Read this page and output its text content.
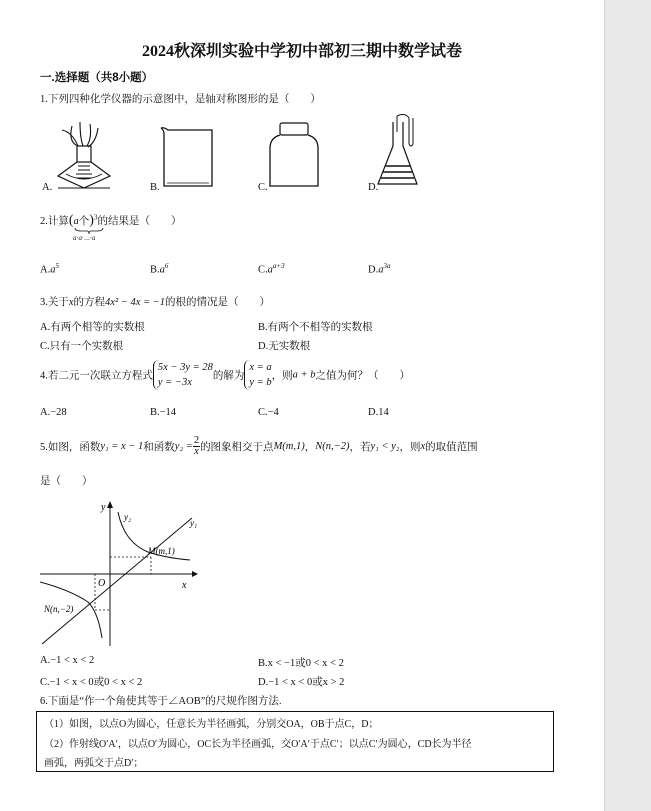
2024秋深圳实验中学初中部初三期中数学试卷
一.选择题（共8小题）
1.下列四种化学仪器的示意图中，是轴对称图形的是（　　）
A.	B.	C.	D.
2.计算(a个)$^3$的结果是（　　）
a·a·…·a
$A.a^5$	$B.a^6$	$C.a^{a+3}$	$D.a^{3a}$
3.关于x的方程4x² − 4x = −1的根的情况是（　　）
A.有两个相等的实数根	B.有两个不相等的实数根
C.只有一个实数根	D.无实数根
4.若二元一次联立方程式
5x − 3y = 28
y = −3x
的解为
x = a
y = b
，则a + b之值为何？（　　）
A.−28	B.−14	C.−4	D.14
5.如图，函数y₁ = x − 1和函数$y_2 = \frac{2}{x}$ 的图象相交于点M(m,1)，N(n,−2)，若y₁ < y₂，则x的取值范围
是（　　）
y
x
O
y₁
y₂
M(m,1)
N(n,−2)
A.−1 < x < 2	B.x < −1或0 < x < 2
C.−1 < x < 0或0 < x < 2	D.−1 < x < 0或x > 2
6.下面是“作一个角使其等于∠AOB”的尺规作图方法.
（1）如图，以点O为圆心，任意长为半径画弧，分别交OA，OB于点C，D；
（2）作射线O′A′，以点O′为圆心，OC长为半径画弧，交O′A′于点C′；以点C′为圆心，CD长为半径
画弧，两弧交于点D′；
